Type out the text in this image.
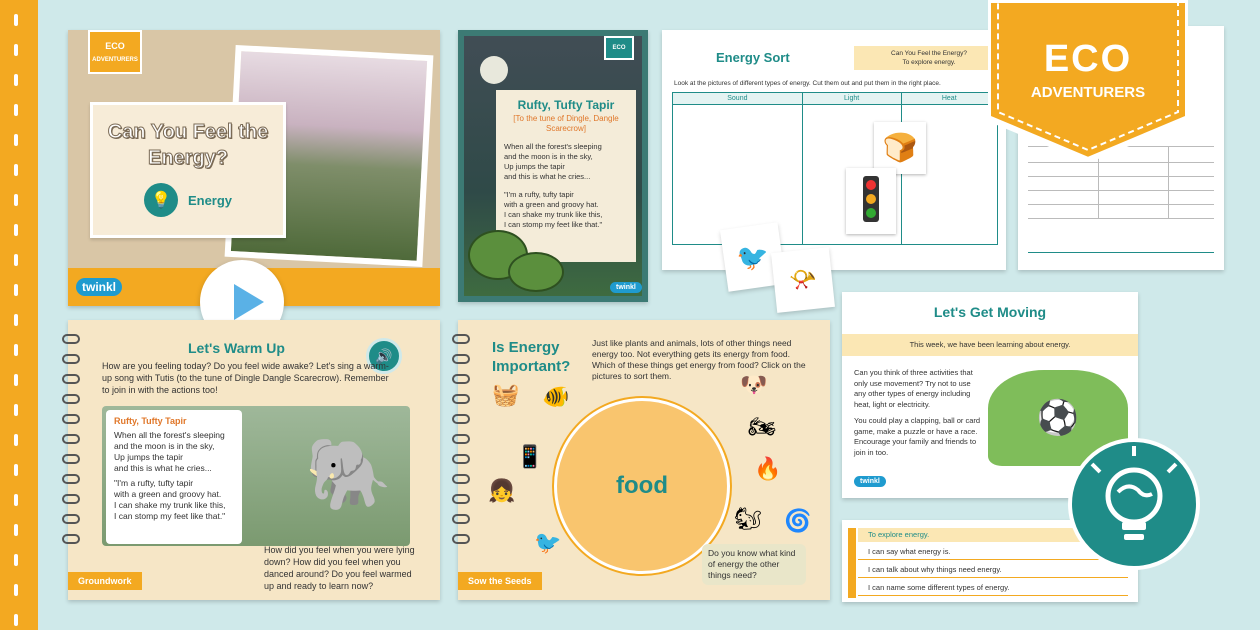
ECO
ADVENTURERS
Can You Feel the Energy?
💡	Energy
twinkl
ECO
Rufty, Tufty Tapir
[To the tune of Dingle, Dangle Scarecrow]
When all the forest's sleeping
and the moon is in the sky,
Up jumps the tapir
and this is what he cries...
"I'm a rufty, tufty tapir
with a green and groovy hat.
I can shake my trunk like this,
I can stomp my feet like that."
twinkl
Energy Sort	Can You Feel the Energy?
To explore energy.
Look at the pictures of different types of energy. Cut them out and put them in the right place.
Sound	Light	Heat

🍞
🐦
📯
ECO
ADVENTURERS
Let's Warm Up	🔊
How are you feeling today? Do you feel wide awake? Let's sing a warm-up song with Tutis (to the tune of Dingle Dangle Scarecrow). Remember to join in with the actions too!
Rufty, Tufty Tapir

When all the forest's sleeping
and the moon is in the sky,
Up jumps the tapir
and this is what he cries...

"I'm a rufty, tufty tapir
with a green and groovy hat.
I can shake my trunk like this,
I can stomp my feet like that."

🐘
How did you feel when you were lying down? How did you feel when you danced around? Do you feel warmed up and ready to learn now?
Groundwork
Is Energy Important?
Just like plants and animals, lots of other things need energy too. Not everything gets its energy from food. Which of these things get energy from food? Click on the pictures to sort them.
food
🧺 🐠
📱
👧
🐦
🐶
🏍
🔥
🐿 🌀
Do you know what kind of energy the other things need?
Sow the Seeds
Let's Get Moving
This week, we have been learning about energy.

Can you think of three activities that only use movement? Try not to use any other types of energy including heat, light or electricity.

You could play a clapping, ball or card game, make a puzzle or have a race. Encourage your family and friends to join in too.

⚽
twinkl
To explore energy.
I can say what energy is.
I can talk about why things need energy.
I can name some different types of energy.
